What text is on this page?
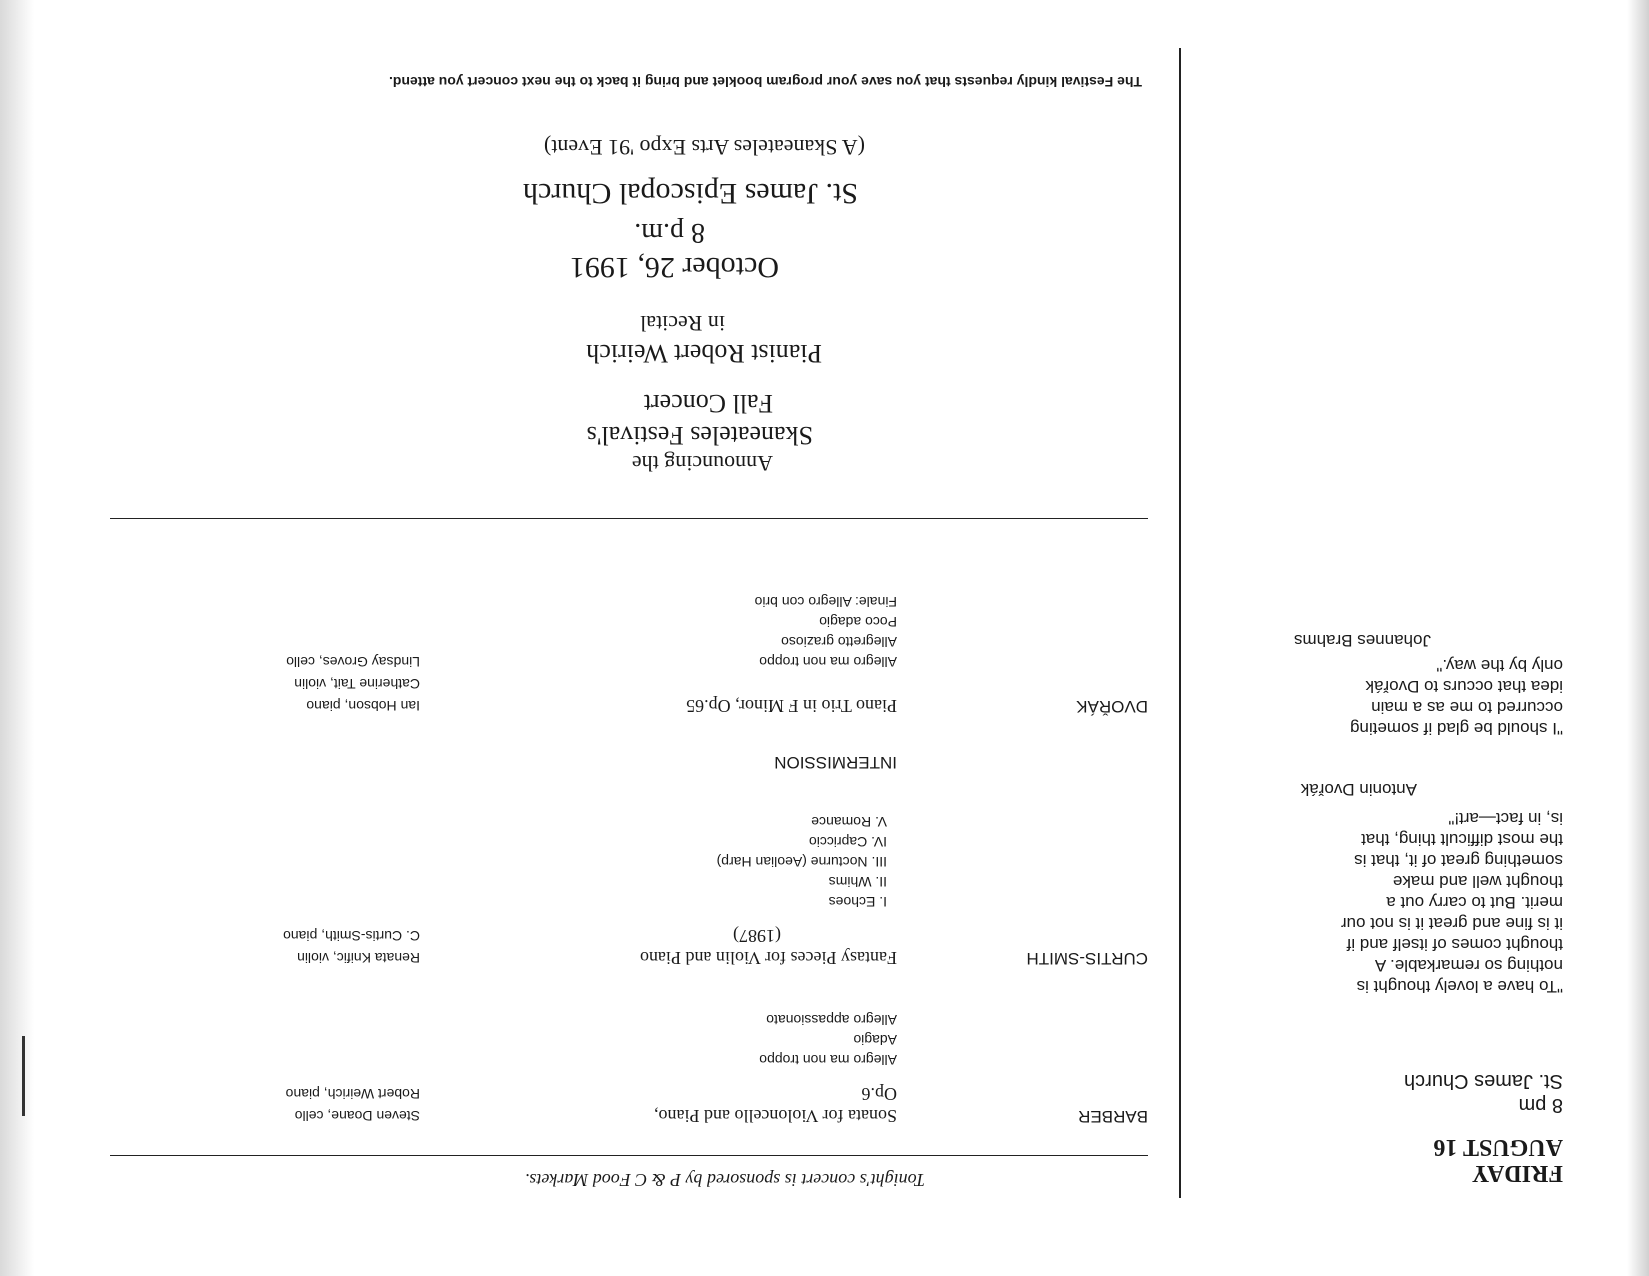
FRIDAY
AUGUST 16
8 pm
St. James Church
"To have a lovely thought is
nothing so remarkable. A
thought comes of itself and if
it is fine and great it is not our
merit. But to carry out a
thought well and make
something great of it, that is
the most difficult thing, that
is, in fact—art!"
Antonin Dvořák
"I should be glad if someting
occurred to me as a main
idea that occurs to Dvořák
only by the way."
Johannes Brahms
Tonight's concert is sponsored by P & C Food Markets.
BARBER
Sonata for Violoncello and Piano,
Op.6
Steven Doane, cello
Robert Weirich, piano
Allegro ma non troppo
Adagio
Allegro appassionato
CURTIS-SMITH
Fantasy Pieces for Violin and Piano
(1987)
Renata Knific, violin
C. Curtis-Smith, piano
I. Echoes
II. Whims
III. Nocturne (Aeolian Harp)
IV. Capriccio
V. Romance
INTERMISSION
DVOŘÁK
Piano Trio in F Minor, Op.65
Ian Hobson, piano
Catherine Tait, violin
Lindsay Groves, cello	Allegro ma non troppo
Allegretto grazioso
Poco adagio
Finale: Allegro con brio
Announcing the
Skaneateles Festival's
Fall Concert
Pianist Robert Weirich
in Recital
October 26, 1991
8 p.m.
St. James Episcopal Church
(A Skaneateles Arts Expo '91 Event)
The Festival kindly requests that you save your program booklet and bring it back to the next concert you attend.
